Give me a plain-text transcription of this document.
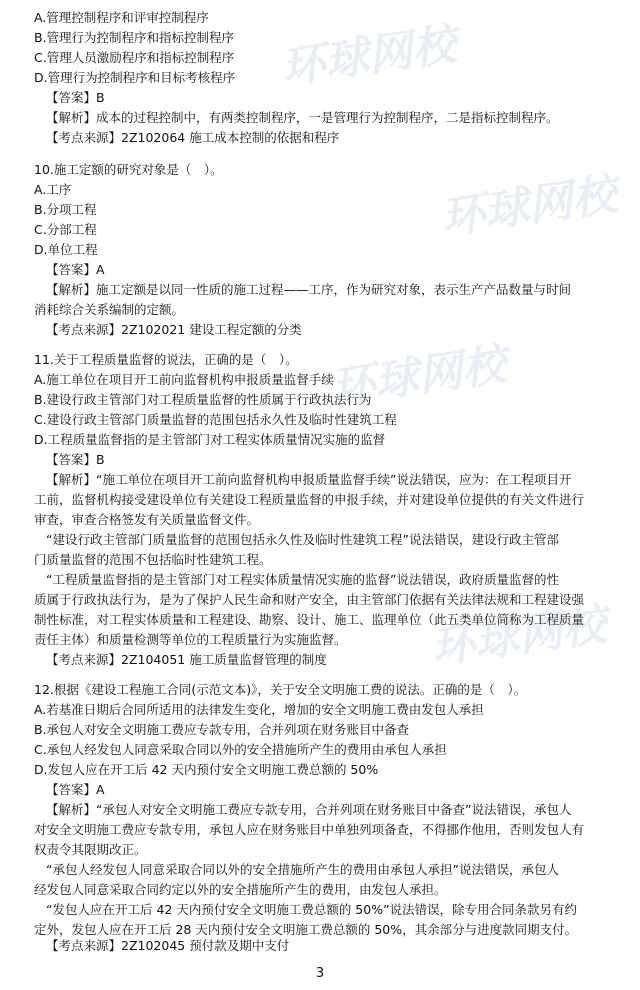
环球网校
环球网校
环球网校
环球网校
A.管理控制程序和评审控制程序
B.管理行为控制程序和指标控制程序
C.管理人员激励程序和指标控制程序
D.管理行为控制程序和目标考核程序
【答案】B
【解析】成本的过程控制中，有两类控制程序，一是管理行为控制程序，二是指标控制程序。
【考点来源】2Z102064 施工成本控制的依据和程序
10.施工定额的研究对象是（　）。
A.工序
B.分项工程
C.分部工程
D.单位工程
【答案】A
【解析】施工定额是以同一性质的施工过程——工序，作为研究对象，表示生产产品数量与时间
消耗综合关系编制的定额。
【考点来源】2Z102021 建设工程定额的分类
11.关于工程质量监督的说法，正确的是（　）。
A.施工单位在项目开工前向监督机构申报质量监督手续
B.建设行政主管部门对工程质量监督的性质属于行政执法行为
C.建设行政主管部门质量监督的范围包括永久性及临时性建筑工程
D.工程质量监督指的是主管部门对工程实体质量情况实施的监督
【答案】B
【解析】“施工单位在项目开工前向监督机构申报质量监督手续”说法错误，应为：在工程项目开
工前，监督机构接受建设单位有关建设工程质量监督的申报手续，并对建设单位提供的有关文件进行
审查，审查合格签发有关质量监督文件。
“建设行政主管部门质量监督的范围包括永久性及临时性建筑工程”说法错误，建设行政主管部
门质量监督的范围不包括临时性建筑工程。
“工程质量监督指的是主管部门对工程实体质量情况实施的监督”说法错误，政府质量监督的性
质属于行政执法行为，是为了保护人民生命和财产安全，由主管部门依据有关法律法规和工程建设强
制性标准，对工程实体质量和工程建设、勘察、设计、施工、监理单位（此五类单位简称为工程质量
责任主体）和质量检测等单位的工程质量行为实施监督。
【考点来源】2Z104051 施工质量监督管理的制度
12.根据《建设工程施工合同(示范文本)》，关于安全文明施工费的说法。正确的是（　）。
A.若基准日期后合同所适用的法律发生变化，增加的安全文明施工费由发包人承担
B.承包人对安全文明施工费应专款专用，合并列项在财务账目中备查
C.承包人经发包人同意采取合同以外的安全措施所产生的费用由承包人承担
D.发包人应在开工后 42 天内预付安全文明施工费总额的 50%
【答案】A
【解析】“承包人对安全文明施工费应专款专用，合并列项在财务账目中备查”说法错误，承包人
对安全文明施工费应专款专用，承包人应在财务账目中单独列项备查，不得挪作他用，否则发包人有
权责令其限期改正。
“承包人经发包人同意采取合同以外的安全措施所产生的费用由承包人承担”说法错误，承包人
经发包人同意采取合同约定以外的安全措施所产生的费用，由发包人承担。
“发包人应在开工后 42 天内预付安全文明施工费总额的 50%”说法错误，除专用合同条款另有约
定外，发包人应在开工后 28 天内预付安全文明施工费总额的 50%，其余部分与进度款同期支付。
【考点来源】2Z102045 预付款及期中支付
3
